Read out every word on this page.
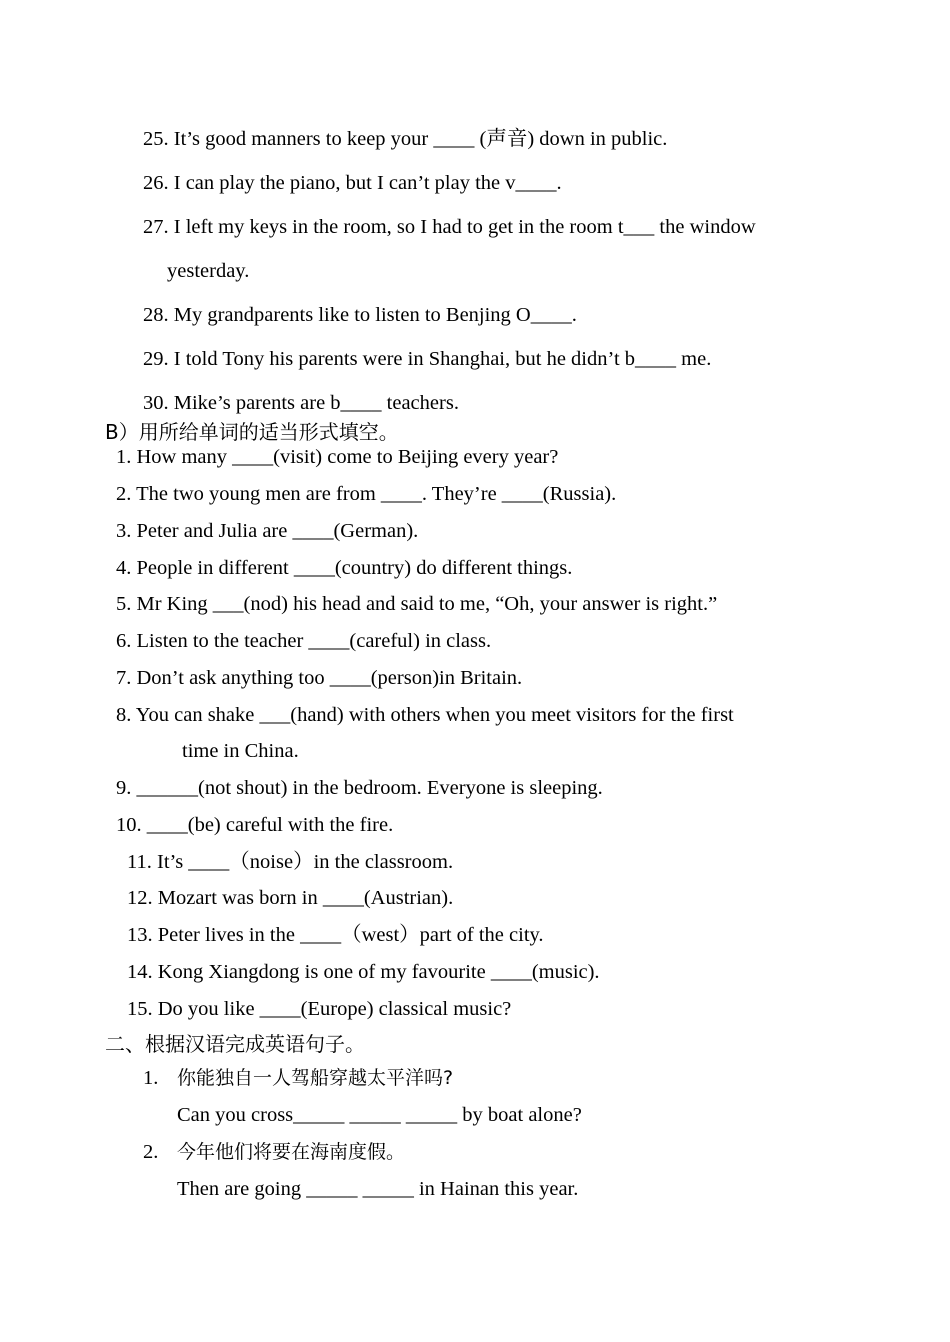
25. It’s good manners to keep your ____ (声音) down in public.
26. I can play the piano, but I can’t play the v____.
27. I left my keys in the room, so I had to get in the room t___ the window
yesterday.
28. My grandparents like to listen to Benjing O____.
29. I told Tony his parents were in Shanghai, but he didn’t b____ me.
30. Mike’s parents are b____ teachers.
B）用所给单词的适当形式填空。
1. How many ____(visit) come to Beijing every year?
2. The two young men are from ____. They’re ____(Russia).
3. Peter and Julia are ____(German).
4. People in different ____(country) do different things.
5. Mr King ___(nod) his head and said to me, “Oh, your answer is right.”
6. Listen to the teacher ____(careful) in class.
7. Don’t ask anything too ____(person)in Britain.
8. You can shake ___(hand) with others when you meet visitors for the first
time in China.
9. ______(not shout) in the bedroom. Everyone is sleeping.
10. ____(be) careful with the fire.
11. It’s ____（noise）in the classroom.
12. Mozart was born in ____(Austrian).
13. Peter lives in the ____（west）part of the city.
14. Kong Xiangdong is one of my favourite ____(music).
15. Do you like ____(Europe) classical music?
二、根据汉语完成英语句子。
1. 你能独自一人驾船穿越太平洋吗?
Can you cross_____ _____ _____ by boat alone?
2. 今年他们将要在海南度假。
Then are going _____ _____ in Hainan this year.
